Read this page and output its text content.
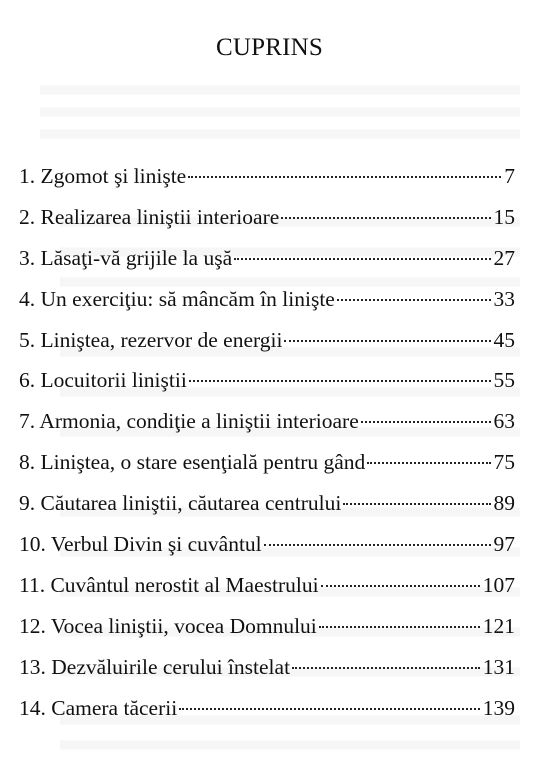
CUPRINS
1. Zgomot şi linişte	7
2. Realizarea liniştii interioare	15
3. Lăsaţi-vă grijile la uşă	27
4. Un exerciţiu: să mâncăm în linişte	33
5. Liniştea, rezervor de energii	45
6. Locuitorii liniştii	55
7. Armonia, condiţie a liniştii interioare	63
8. Liniştea, o stare esenţială pentru gând	75
9. Căutarea liniştii, căutarea centrului	89
10. Verbul Divin şi cuvântul	97
11. Cuvântul nerostit al Maestrului	107
12. Vocea liniştii, vocea Domnului	121
13. Dezvăluirile cerului înstelat	131
14. Camera tăcerii	139
